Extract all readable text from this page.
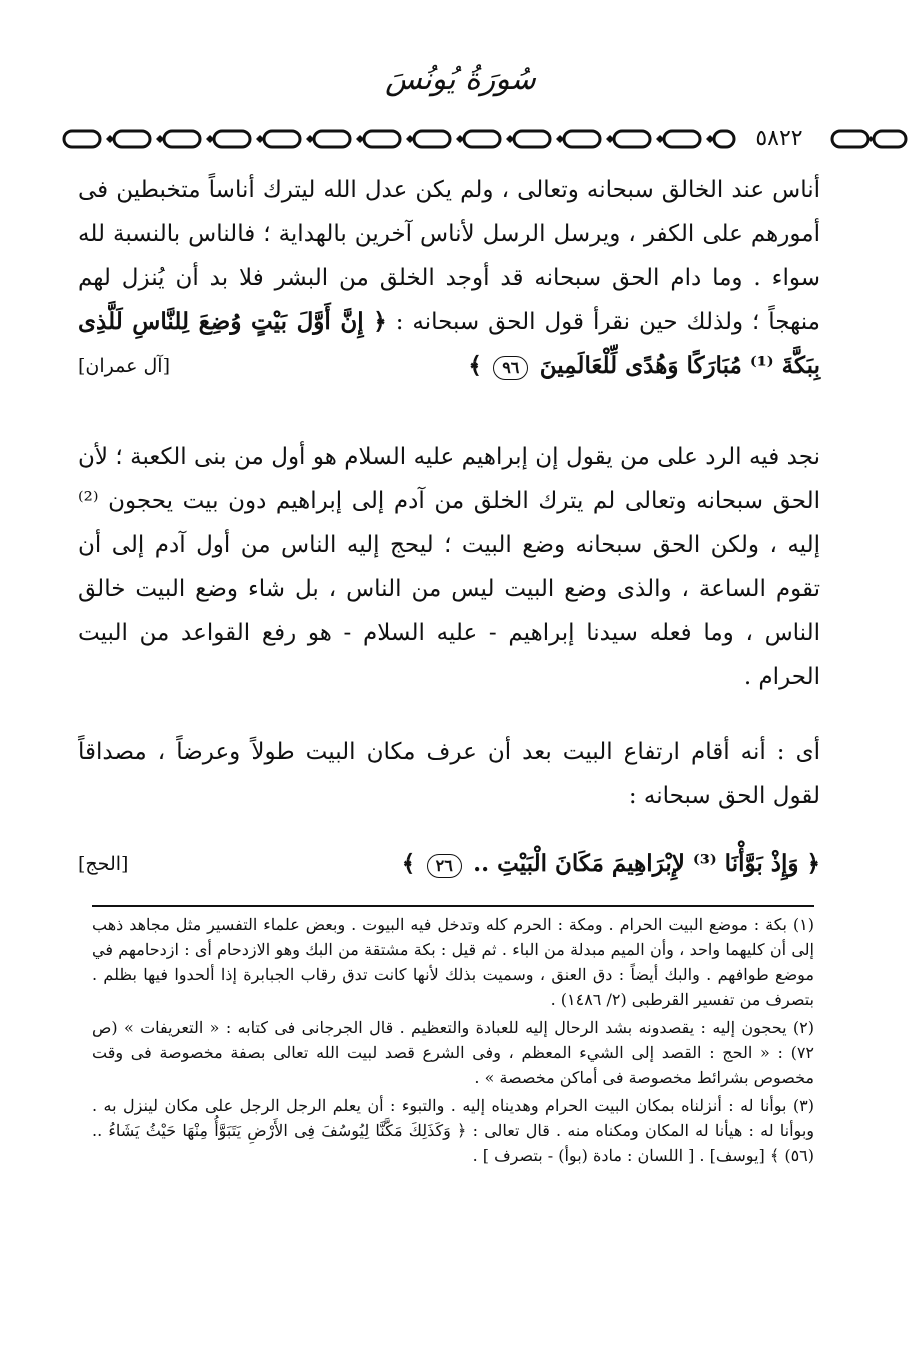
سُورَةُ يُونُسَ
٥٨٢٢
أناس عند الخالق سبحانه وتعالى ، ولم يكن عدل الله ليترك أناساً متخبطين فى أمورهم على الكفر ، ويرسل الرسل لأناس آخرين بالهداية ؛ فالناس بالنسبة لله سواء . وما دام الحق سبحانه قد أوجد الخلق من البشر فلا بد أن يُنزل لهم منهجاً ؛ ولذلك حين نقرأ قول الحق سبحانه : ﴿ إِنَّ أَوَّلَ بَيْتٍ وُضِعَ لِلنَّاسِ لَلَّذِى بِبَكَّةَ ⁽¹⁾ مُبَارَكًا وَهُدًى لِّلْعَالَمِينَ ٩٦ ﴾
[آل عمران]
نجد فيه الرد على من يقول إن إبراهيم عليه السلام هو أول من بنى الكعبة ؛ لأن الحق سبحانه وتعالى لم يترك الخلق من آدم إلى إبراهيم دون بيت يحجون ⁽²⁾ إليه ، ولكن الحق سبحانه وضع البيت ؛ ليحج إليه الناس من أول آدم إلى أن تقوم الساعة ، والذى وضع البيت ليس من الناس ، بل شاء وضع البيت خالق الناس ، وما فعله سيدنا إبراهيم - عليه السلام - هو رفع القواعد من البيت الحرام .
أى : أنه أقام ارتفاع البيت بعد أن عرف مكان البيت طولاً وعرضاً ، مصداقاً لقول الحق سبحانه :
﴿ وَإِذْ بَوَّأْنَا ⁽³⁾ لإِبْرَاهِيمَ مَكَانَ الْبَيْتِ .. ٢٦ ﴾
[الحج]

(١) بكة : موضع البيت الحرام . ومكة : الحرم كله وتدخل فيه البيوت . وبعض علماء التفسير مثل مجاهد ذهب إلى أن كليهما واحد ، وأن الميم مبدلة من الباء . ثم قيل : بكة مشتقة من البك وهو الازدحام أى : ازدحامهم في موضع طوافهم . والبك أيضاً : دق العنق ، وسميت بذلك لأنها كانت تدق رقاب الجبابرة إذا ألحدوا فيها بظلم . بتصرف من تفسير القرطبى (٢/ ١٤٨٦) .

(٢) يحجون إليه : يقصدونه بشد الرحال إليه للعبادة والتعظيم . قال الجرجانى فى كتابه : « التعريفات » (ص ٧٢) : « الحج : القصد إلى الشيء المعظم ، وفى الشرع قصد لبيت الله تعالى بصفة مخصوصة فى وقت مخصوص بشرائط مخصوصة فى أماكن مخصصة » .

(٣) بوأنا له : أنزلناه بمكان البيت الحرام وهديناه إليه . والتبوء : أن يعلم الرجل الرجل على مكان لينزل به . وبوأنا له : هيأنا له المكان ومكناه منه . قال تعالى : ﴿ وَكَذَلِكَ مَكَّنَّا لِيُوسُفَ فِى الأَرْضِ يَتَبَوَّأُ مِنْهَا حَيْثُ يَشَاءُ .. (٥٦) ﴾ [يوسف] . [ اللسان : مادة (بوأ) - بتصرف ] .
